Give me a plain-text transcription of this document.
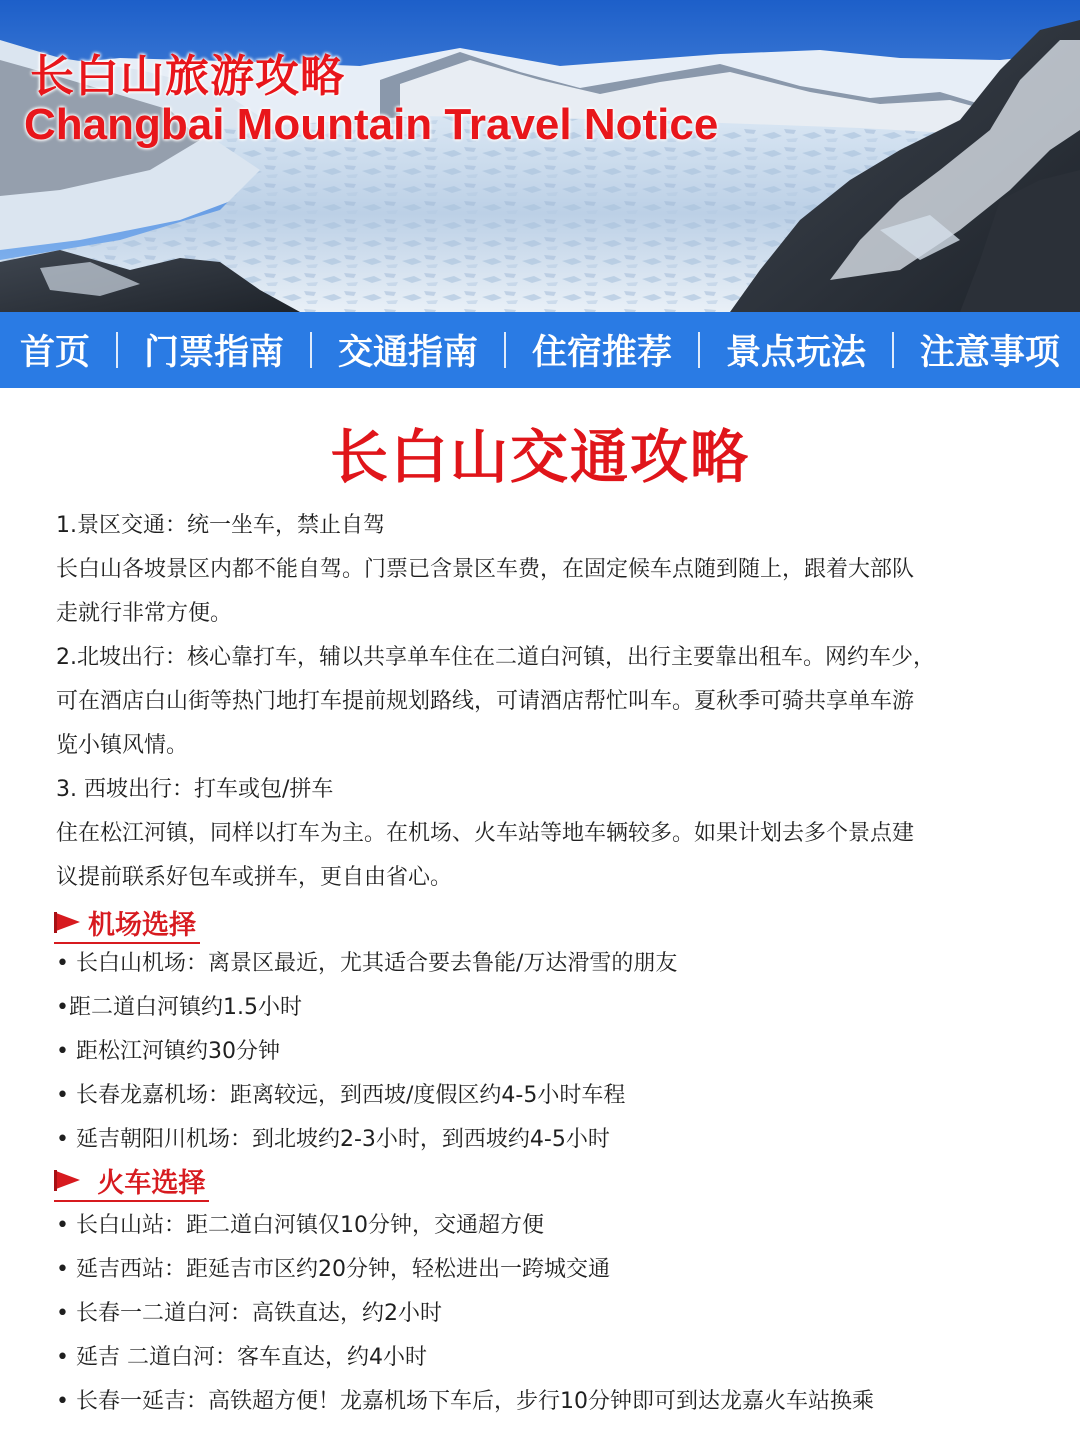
长白山旅游攻略
Changbai Mountain Travel Notice
首页 门票指南 交通指南 住宿推荐 景点玩法 注意事项
长白山交通攻略

1.景区交通：统一坐车，禁止自驾

长白山各坡景区内都不能自驾。门票已含景区车费，在固定候车点随到随上，跟着大部队

走就行非常方便。

2.北坡出行：核心靠打车，辅以共享单车住在二道白河镇，出行主要靠出租车。网约车少，

可在酒店白山街等热门地打车提前规划路线，可请酒店帮忙叫车。夏秋季可骑共享单车游

览小镇风情。

3. 西坡出行：打车或包/拼车

住在松江河镇，同样以打车为主。在机场、火车站等地车辆较多。如果计划去多个景点建

议提前联系好包车或拼车，更自由省心。

机场选择

• 长白山机场：离景区最近，尤其适合要去鲁能/万达滑雪的朋友

•距二道白河镇约1.5小时

• 距松江河镇约30分钟

• 长春龙嘉机场：距离较远，到西坡/度假区约4-5小时车程

• 延吉朝阳川机场：到北坡约2-3小时，到西坡约4-5小时

火车选择

• 长白山站：距二道白河镇仅10分钟，交通超方便

• 延吉西站：距延吉市区约20分钟，轻松进出一跨城交通

• 长春一二道白河：高铁直达，约2小时

• 延吉 二道白河：客车直达，约4小时

• 长春一延吉：高铁超方便！龙嘉机场下车后，步行10分钟即可到达龙嘉火车站换乘
